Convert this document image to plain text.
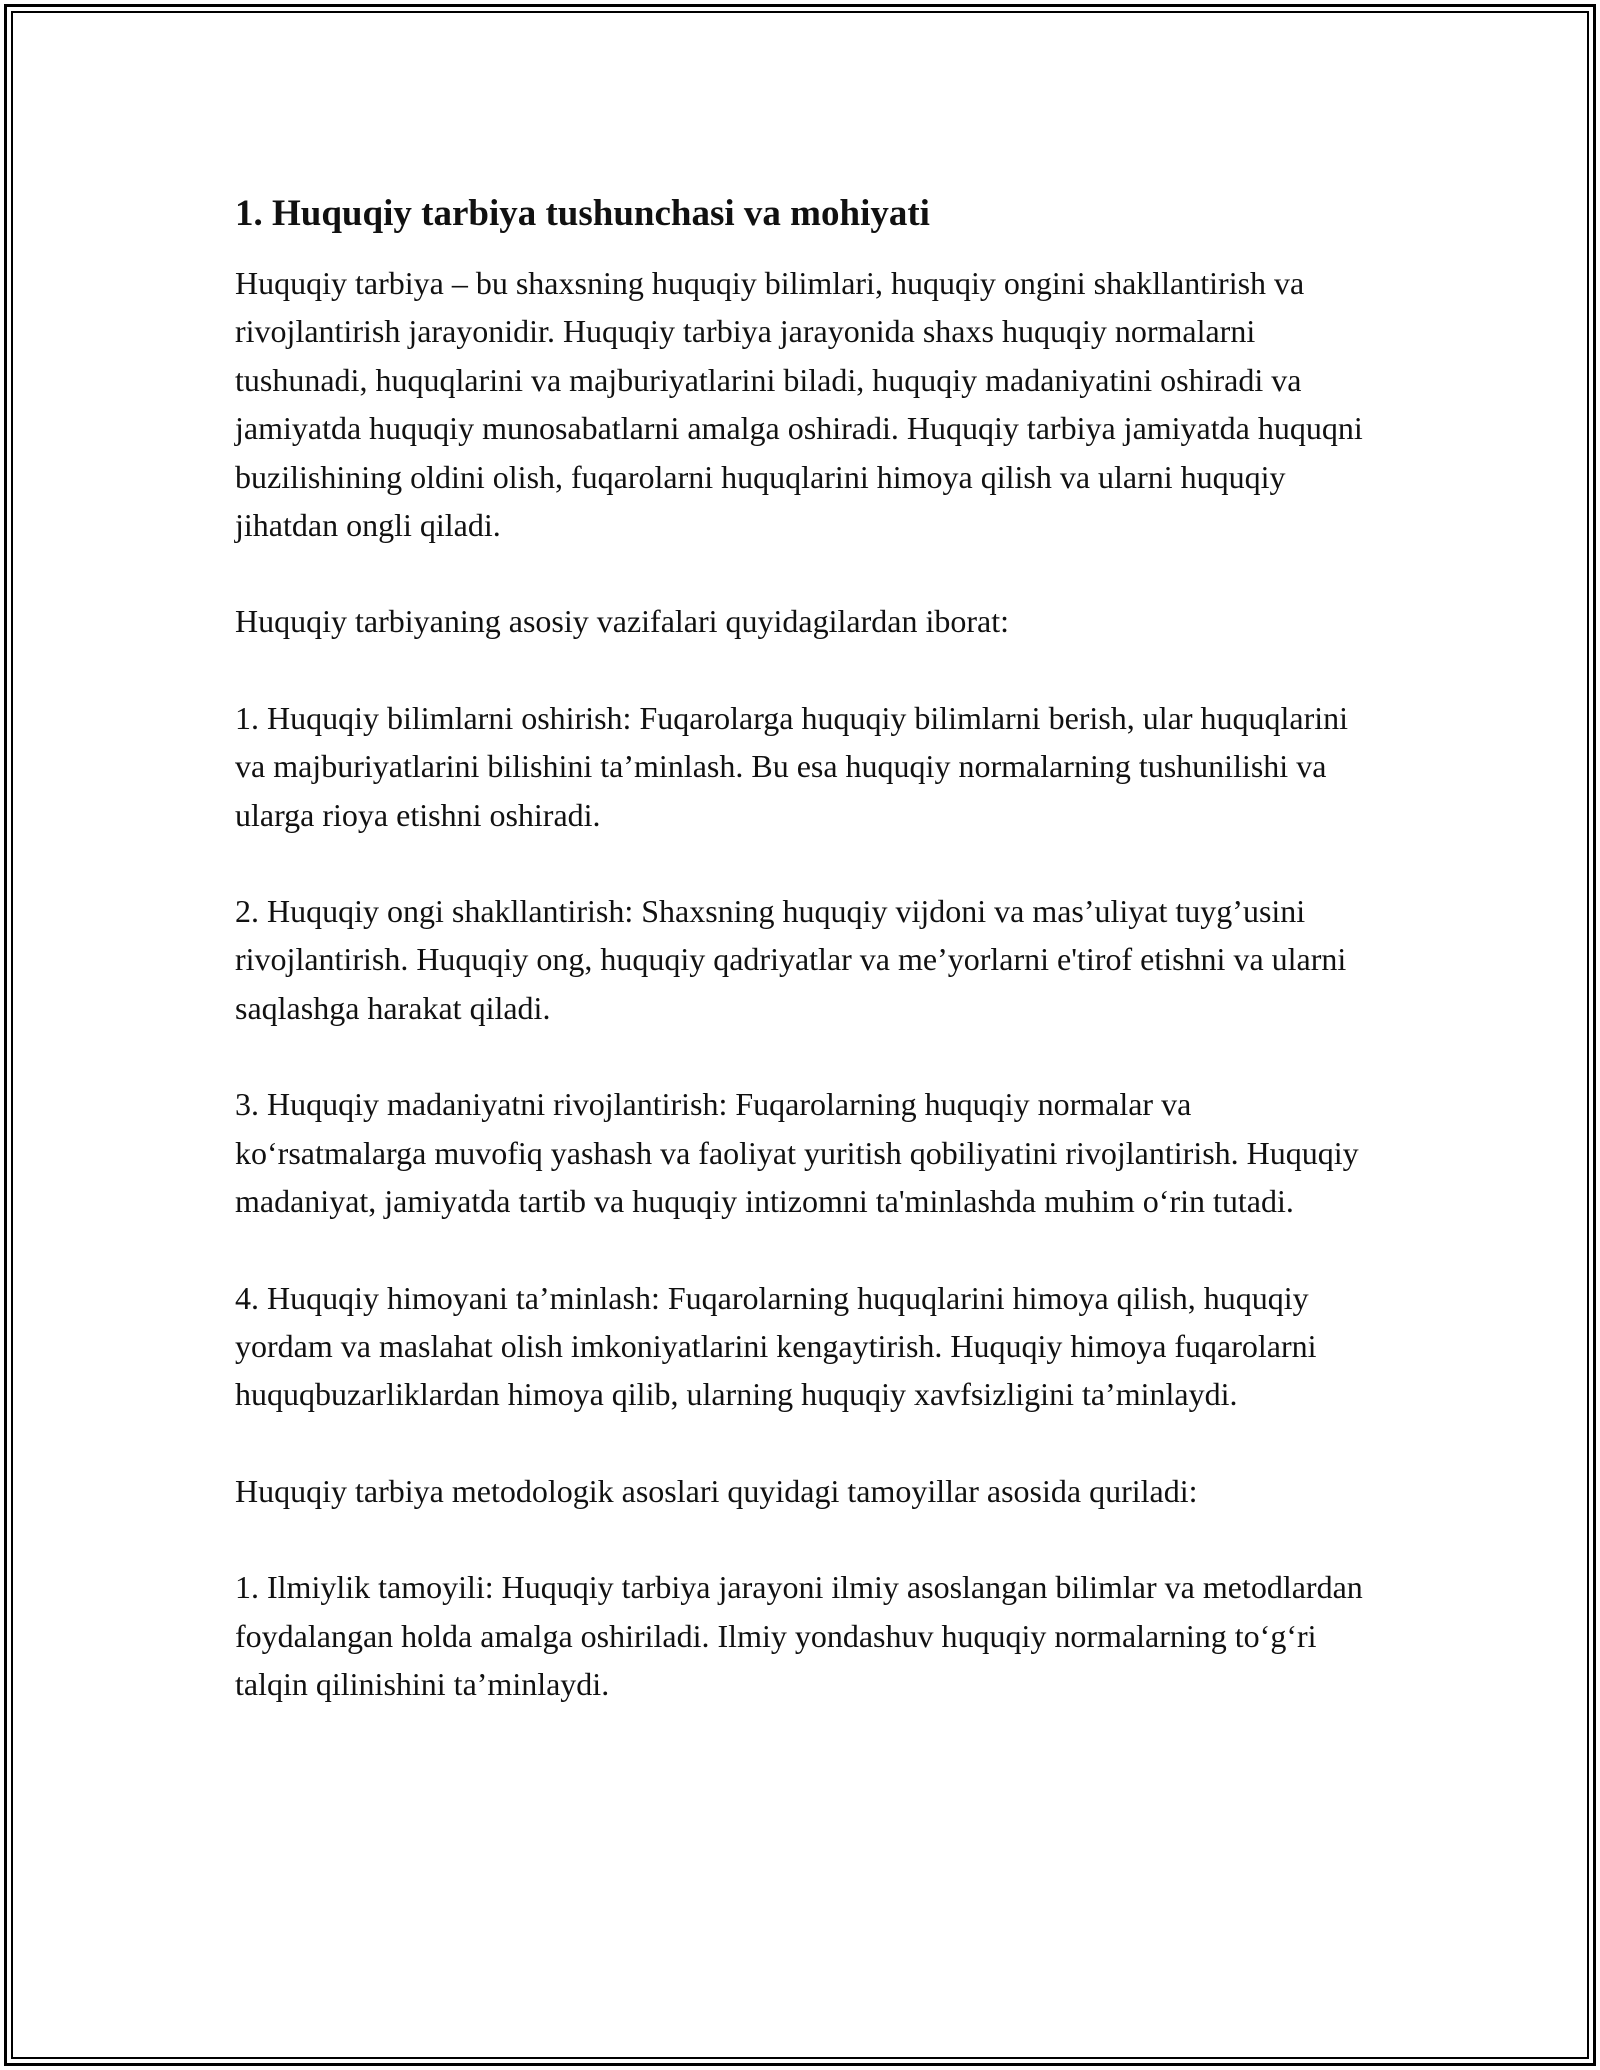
1. Huquqiy tarbiya tushunchasi va mohiyati

Huquqiy tarbiya – bu shaxsning huquqiy bilimlari, huquqiy ongini shakllantirish va rivojlantirish jarayonidir. Huquqiy tarbiya jarayonida shaxs huquqiy normalarni tushunadi, huquqlarini va majburiyatlarini biladi, huquqiy madaniyatini oshiradi va jamiyatda huquqiy munosabatlarni amalga oshiradi. Huquqiy tarbiya jamiyatda huquqni buzilishining oldini olish, fuqarolarni huquqlarini himoya qilish va ularni huquqiy jihatdan ongli qiladi.

Huquqiy tarbiyaning asosiy vazifalari quyidagilardan iborat:

1. Huquqiy bilimlarni oshirish: Fuqarolarga huquqiy bilimlarni berish, ular huquqlarini va majburiyatlarini bilishini ta’minlash. Bu esa huquqiy normalarning tushunilishi va ularga rioya etishni oshiradi.

2. Huquqiy ongi shakllantirish: Shaxsning huquqiy vijdoni va mas’uliyat tuyg’usini rivojlantirish. Huquqiy ong, huquqiy qadriyatlar va me’yorlarni e'tirof etishni va ularni saqlashga harakat qiladi.

3. Huquqiy madaniyatni rivojlantirish: Fuqarolarning huquqiy normalar va ko‘rsatmalarga muvofiq yashash va faoliyat yuritish qobiliyatini rivojlantirish. Huquqiy madaniyat, jamiyatda tartib va huquqiy intizomni ta'minlashda muhim o‘rin tutadi.

4. Huquqiy himoyani ta’minlash: Fuqarolarning huquqlarini himoya qilish, huquqiy yordam va maslahat olish imkoniyatlarini kengaytirish. Huquqiy himoya fuqarolarni huquqbuzarliklardan himoya qilib, ularning huquqiy xavfsizligini ta’minlaydi.

Huquqiy tarbiya metodologik asoslari quyidagi tamoyillar asosida quriladi:

1. Ilmiylik tamoyili: Huquqiy tarbiya jarayoni ilmiy asoslangan bilimlar va metodlardan foydalangan holda amalga oshiriladi. Ilmiy yondashuv huquqiy normalarning to‘g‘ri talqin qilinishini ta’minlaydi.
